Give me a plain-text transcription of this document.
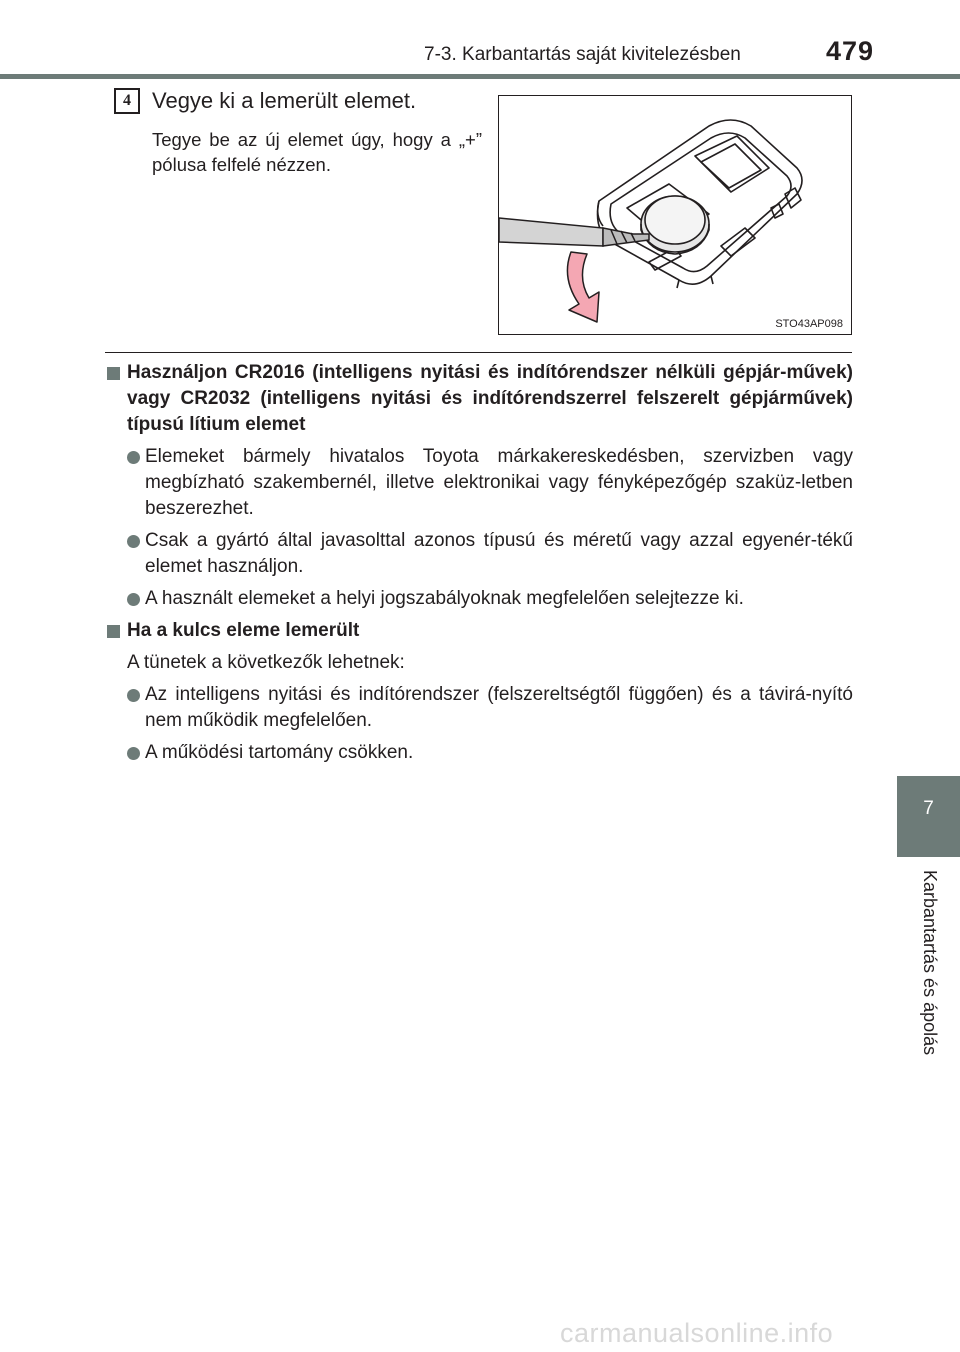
7-3. Karbantartás saját kivitelezésben	479
4 Vegye ki a lemerült elemet.
Tegye be az új elemet úgy, hogy a „+” pólusa felfelé nézzen.
STO43AP098
Használjon CR2016 (intelligens nyitási és indítórendszer nélküli gépjár-művek) vagy CR2032 (intelligens nyitási és indítórendszerrel felszerelt gépjárművek) típusú lítium elemet
Elemeket bármely hivatalos Toyota márkakereskedésben, szervizben vagy megbízható szakembernél, illetve elektronikai vagy fényképezőgép szaküz-letben beszerezhet.
Csak a gyártó által javasolttal azonos típusú és méretű vagy azzal egyenér-tékű elemet használjon.
A használt elemeket a helyi jogszabályoknak megfelelően selejtezze ki.
Ha a kulcs eleme lemerült
A tünetek a következők lehetnek:
Az intelligens nyitási és indítórendszer (felszereltségtől függően) és a távirá-nyító nem működik megfelelően.
A működési tartomány csökken.
7
Karbantartás és ápolás
carmanualsonline.info
